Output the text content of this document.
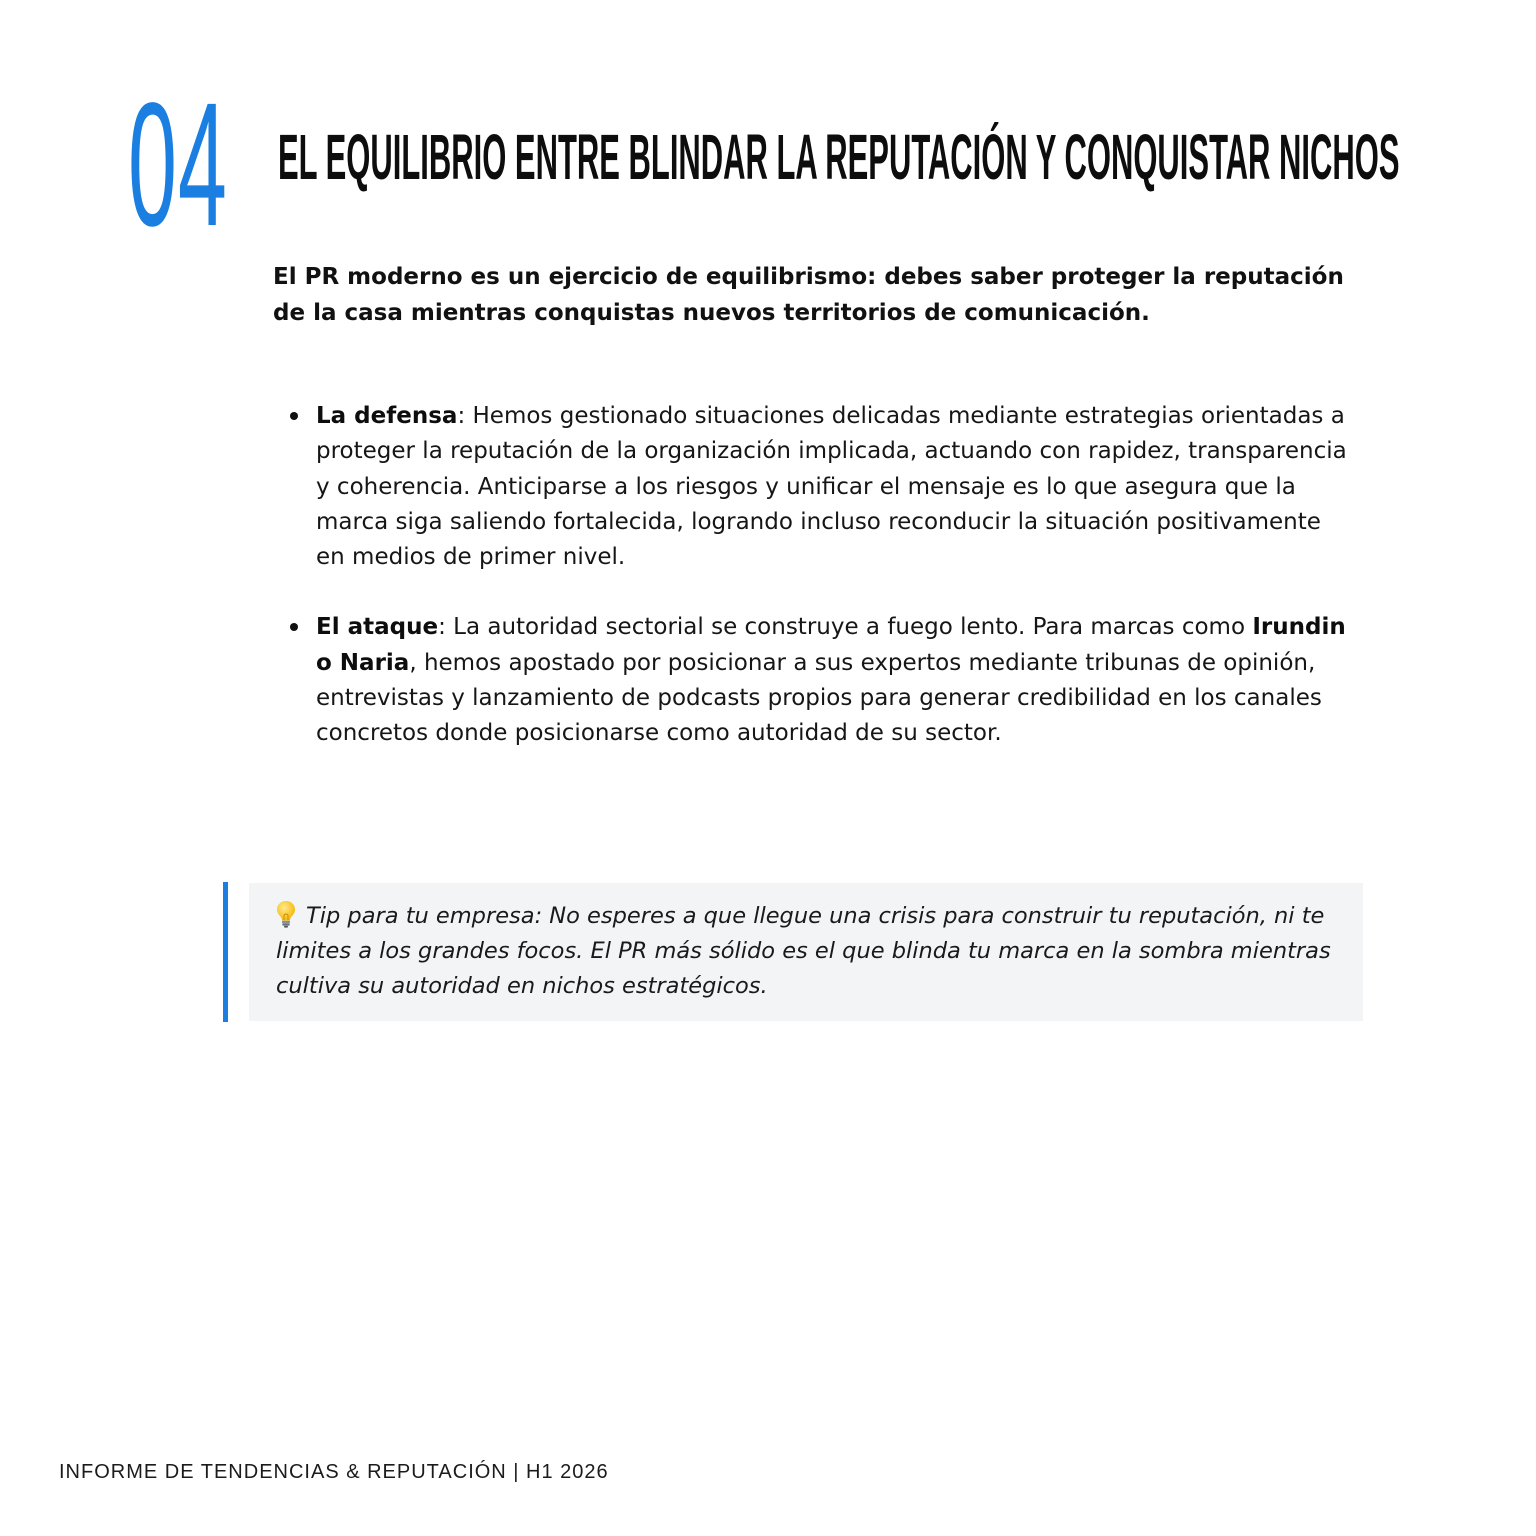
04 EL EQUILIBRIO ENTRE BLINDAR LA REPUTACIÓN Y CONQUISTAR NICHOS

El PR moderno es un ejercicio de equilibrismo: debes saber proteger la reputación de la casa mientras conquistas nuevos territorios de comunicación.

La defensa: Hemos gestionado situaciones delicadas mediante estrategias orientadas a proteger la reputación de la organización implicada, actuando con rapidez, transparencia y coherencia. Anticiparse a los riesgos y unificar el mensaje es lo que asegura que la marca siga saliendo fortalecida, logrando incluso reconducir la situación positivamente en medios de primer nivel.
El ataque: La autoridad sectorial se construye a fuego lento. Para marcas como Irundin o Naria, hemos apostado por posicionar a sus expertos mediante tribunas de opinión, entrevistas y lanzamiento de podcasts propios para generar credibilidad en los canales concretos donde posicionarse como autoridad de su sector.

Tip para tu empresa: No esperes a que llegue una crisis para construir tu reputación, ni te limites a los grandes focos. El PR más sólido es el que blinda tu marca en la sombra mientras cultiva su autoridad en nichos estratégicos.

INFORME DE TENDENCIAS & REPUTACIÓN | H1 2026
